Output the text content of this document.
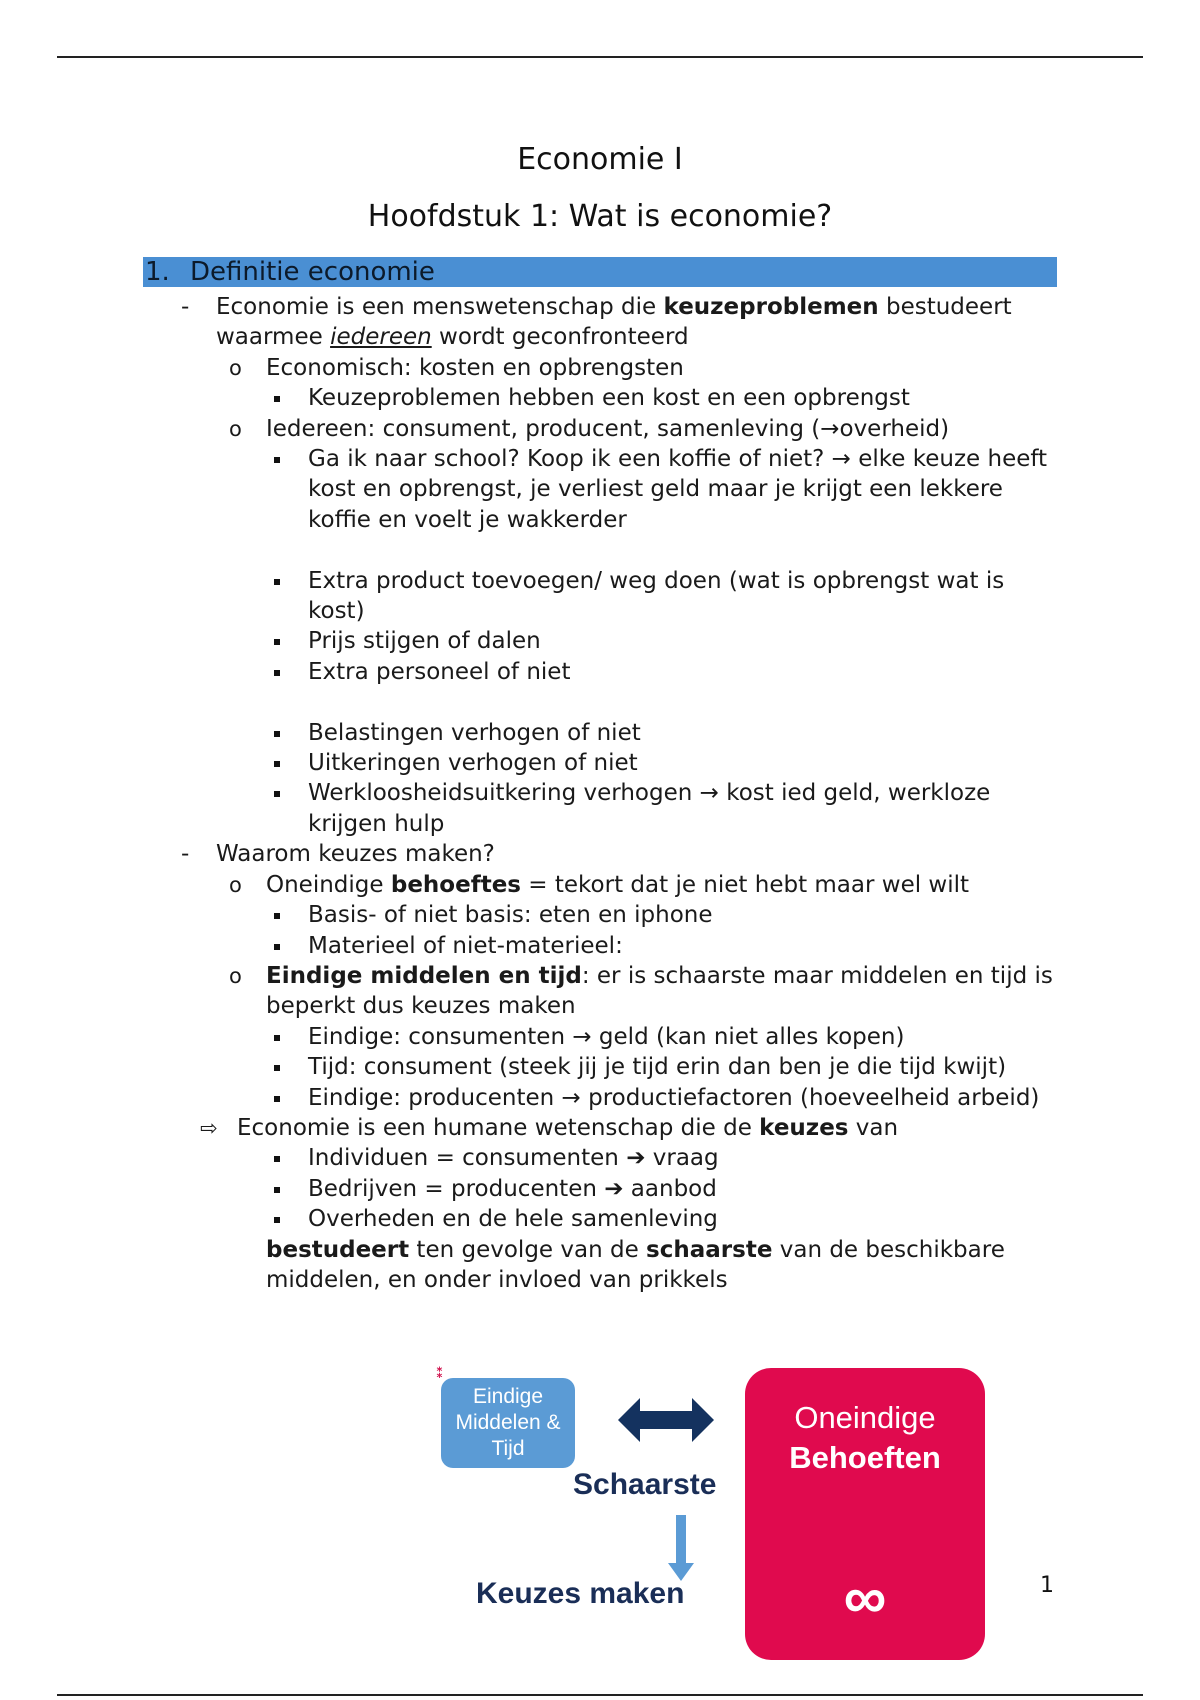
Economie I
Hoofdstuk 1: Wat is economie?
1. Definitie economie
- Economie is een menswetenschap die keuzeproblemen bestudeert waarmee iedereen wordt geconfronteerd
o Economisch: kosten en opbrengsten
Keuzeproblemen hebben een kost en een opbrengst
o Iedereen: consument, producent, samenleving (→overheid)
Ga ik naar school? Koop ik een koffie of niet? → elke keuze heeft kost en opbrengst, je verliest geld maar je krijgt een lekkere koffie en voelt je wakkerder
Extra product toevoegen/ weg doen (wat is opbrengst wat is kost)
Prijs stijgen of dalen
Extra personeel of niet
Belastingen verhogen of niet
Uitkeringen verhogen of niet
Werkloosheidsuitkering verhogen → kost ied geld, werkloze krijgen hulp
- Waarom keuzes maken?
o Oneindige behoeftes = tekort dat je niet hebt maar wel wilt
Basis- of niet basis: eten en iphone
Materieel of niet-materieel:
o Eindige middelen en tijd: er is schaarste maar middelen en tijd is beperkt dus keuzes maken
Eindige: consumenten → geld (kan niet alles kopen)
Tijd: consument (steek jij je tijd erin dan ben je die tijd kwijt)
Eindige: producenten → productiefactoren (hoeveelheid arbeid)
⇨ Economie is een humane wetenschap die de keuzes van
Individuen = consumenten ➔ vraag
Bedrijven = producenten ➔ aanbod
Overheden en de hele samenleving
bestudeert ten gevolge van de schaarste van de beschikbare middelen, en onder invloed van prikkels
⁑
Eindige
Middelen &
Tijd
Schaarste
Keuzes maken
Oneindige
Behoeften
∞	1
